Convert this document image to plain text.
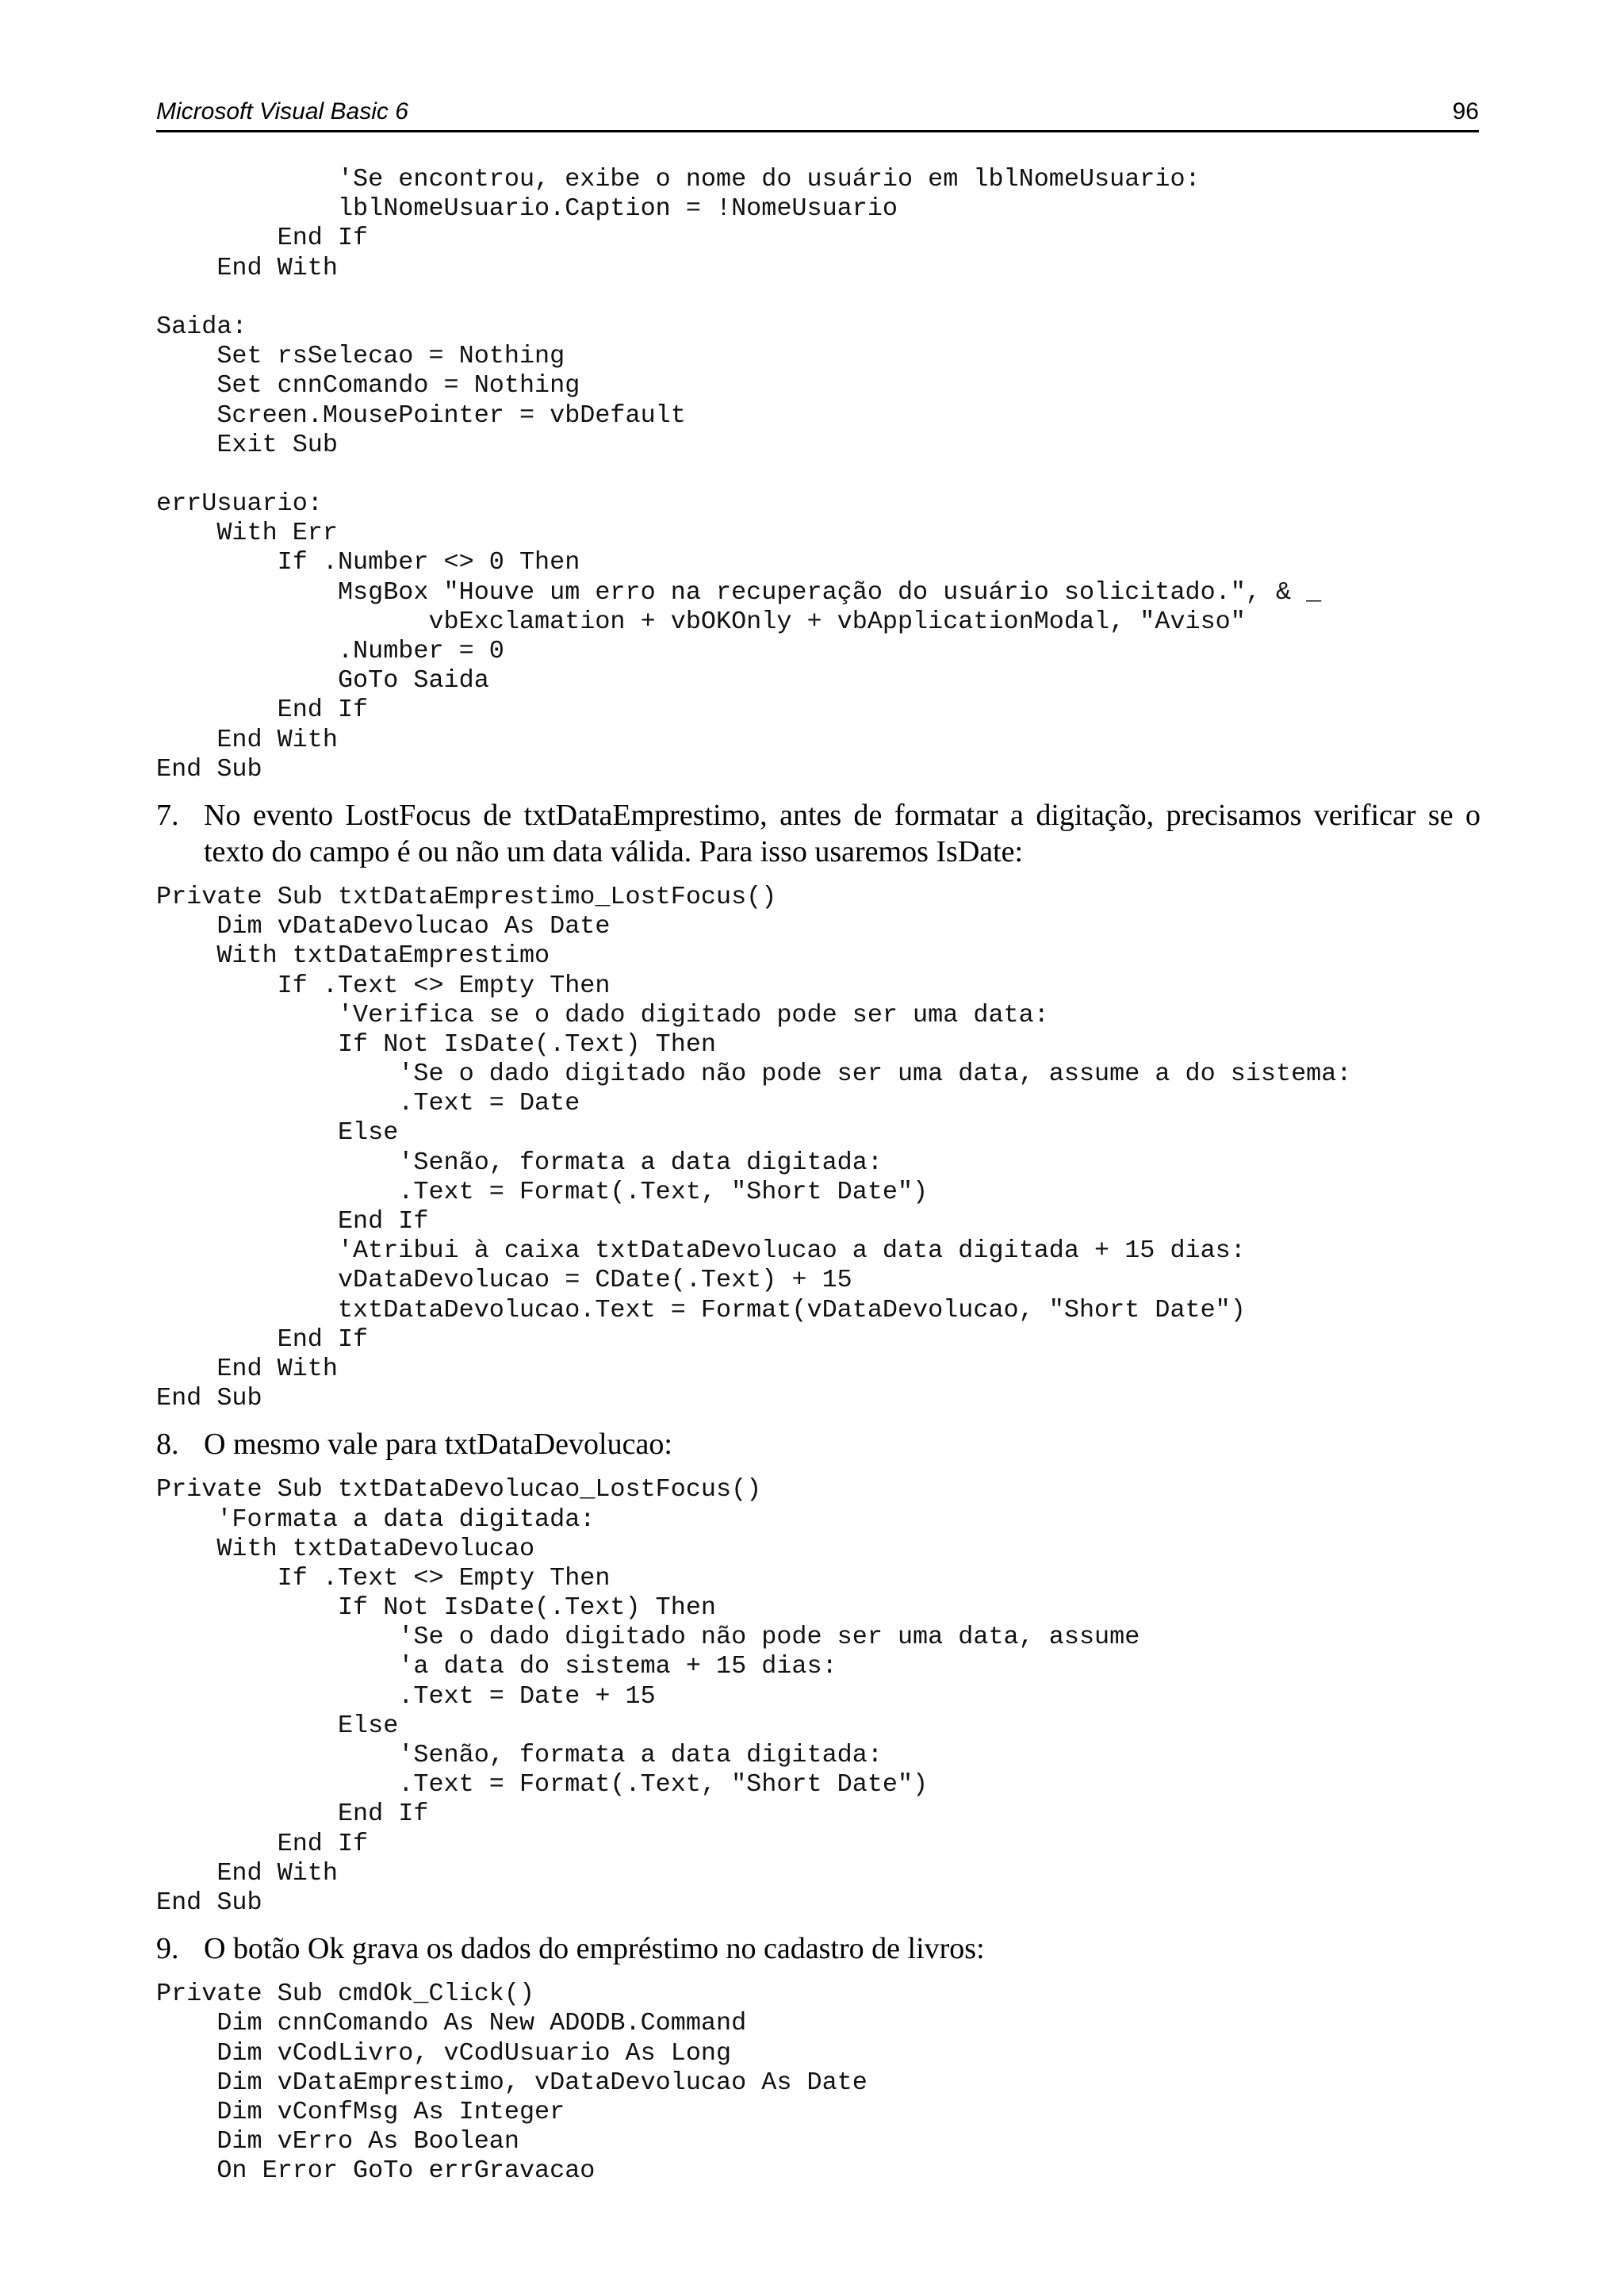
Microsoft Visual Basic 6	96
'Se encontrou, exibe o nome do usuário em lblNomeUsuario:
lblNomeUsuario.Caption = !NomeUsuario
End If
End With
Saida:
Set rsSelecao = Nothing
Set cnnComando = Nothing
Screen.MousePointer = vbDefault
Exit Sub
errUsuario:
With Err
If .Number <> 0 Then
MsgBox "Houve um erro na recuperação do usuário solicitado.", & _
vbExclamation + vbOKOnly + vbApplicationModal, "Aviso"
.Number = 0
GoTo Saida
End If
End With
End Sub
7. No evento LostFocus de txtDataEmprestimo, antes de formatar a digitação, precisamos verificar se o texto do campo é ou não um data válida. Para isso usaremos IsDate:
Private Sub txtDataEmprestimo_LostFocus()
Dim vDataDevolucao As Date
With txtDataEmprestimo
If .Text <> Empty Then
'Verifica se o dado digitado pode ser uma data:
If Not IsDate(.Text) Then
'Se o dado digitado não pode ser uma data, assume a do sistema:
.Text = Date
Else
'Senão, formata a data digitada:
.Text = Format(.Text, "Short Date")
End If
'Atribui à caixa txtDataDevolucao a data digitada + 15 dias:
vDataDevolucao = CDate(.Text) + 15
txtDataDevolucao.Text = Format(vDataDevolucao, "Short Date")
End If
End With
End Sub
8. O mesmo vale para txtDataDevolucao:
Private Sub txtDataDevolucao_LostFocus()
'Formata a data digitada:
With txtDataDevolucao
If .Text <> Empty Then
If Not IsDate(.Text) Then
'Se o dado digitado não pode ser uma data, assume
'a data do sistema + 15 dias:
.Text = Date + 15
Else
'Senão, formata a data digitada:
.Text = Format(.Text, "Short Date")
End If
End If
End With
End Sub
9. O botão Ok grava os dados do empréstimo no cadastro de livros:
Private Sub cmdOk_Click()
Dim cnnComando As New ADODB.Command
Dim vCodLivro, vCodUsuario As Long
Dim vDataEmprestimo, vDataDevolucao As Date
Dim vConfMsg As Integer
Dim vErro As Boolean
On Error GoTo errGravacao
